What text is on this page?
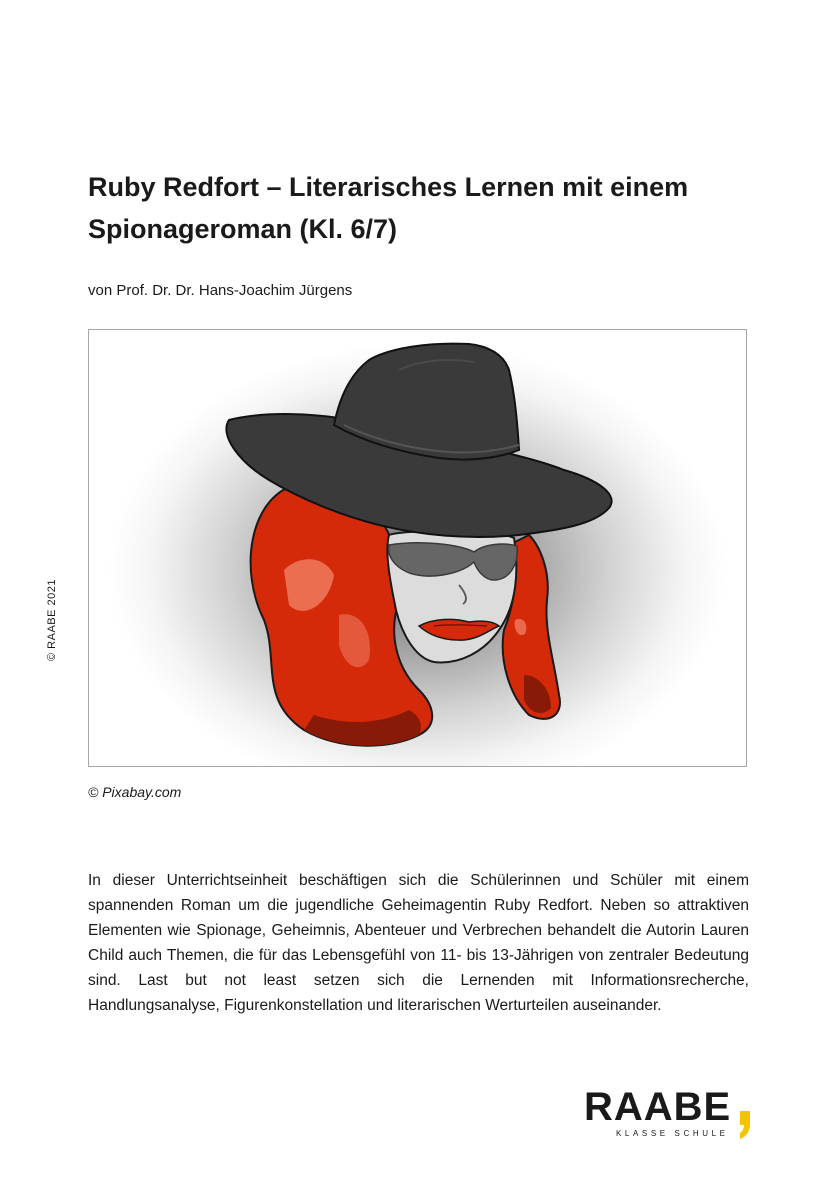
© RAABE 2021
Ruby Redfort – Literarisches Lernen mit einem Spionageroman (Kl. 6/7)
von Prof. Dr. Dr. Hans-Joachim Jürgens
© Pixabay.com

In dieser Unterrichtseinheit beschäftigen sich die Schülerinnen und Schüler mit einem spannenden Roman um die jugendliche Geheimagentin Ruby Redfort. Neben so attraktiven Elementen wie Spionage, Geheimnis, Abenteuer und Verbrechen behandelt die Autorin Lauren Child auch Themen, die für das Lebensgefühl von 11- bis 13-Jährigen von zentraler Bedeutung sind. Last but not least setzen sich die Lernenden mit Informationsrecherche, Handlungsanalyse, Figurenkonstellation und literarischen Werturteilen auseinander.

RAABE
KLASSE SCHULE
